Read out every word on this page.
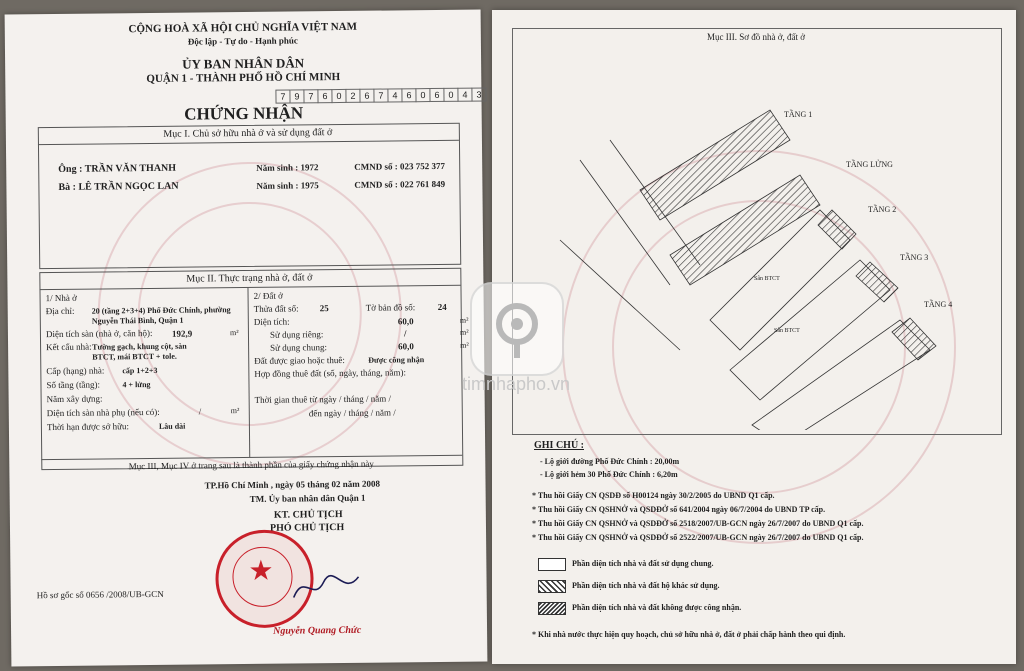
CỘNG HOÀ XÃ HỘI CHỦ NGHĨA VIỆT NAM
Độc lập - Tự do - Hạnh phúc
ỦY BAN NHÂN DÂN
QUẬN 1 - THÀNH PHỐ HỒ CHÍ MINH
7 9 7 6 0 2 6 7 4 6 0 6 0 4 3
CHỨNG NHẬN
Mục I. Chủ sở hữu nhà ở và sử dụng đất ở
Ông : TRẦN VĂN THANH	Năm sinh : 1972	CMND số : 023 752 377
Bà : LÊ TRẦN NGỌC LAN	Năm sinh : 1975	CMND số : 022 761 849
Mục II. Thực trạng nhà ở, đất ở
1/ Nhà ở
Địa chỉ: 20 (tầng 2+3+4) Phố Đức Chính, phường
Nguyễn Thái Bình, Quận 1
Diện tích sàn (nhà ở, căn hộ): 192,9	m²
Kết cấu nhà: Tường gạch, khung cột, sàn
BTCT, mái BTCT + tole.
Cấp (hạng) nhà: cấp 1+2+3
Số tầng (tầng):	4 + lửng
Năm xây dựng:
Diện tích sàn nhà phụ (nếu có):	/	m²
Thời hạn được sở hữu:	Lâu dài
2/ Đất ở
Thửa đất số: 25	Tờ bản đồ số: 24
Diện tích:	60,0	m²
Sử dụng riêng:	/	m²
Sử dụng chung:	60,0	m²
Đất được giao hoặc thuê:	Được công nhận
Hợp đồng thuê đất (số, ngày, tháng, năm):
Thời gian thuê từ ngày / tháng / năm /
đến ngày / tháng / năm /
Mục III, Mục IV ở trang sau là thành phần của giấy chứng nhận này
TP.Hồ Chí Minh , ngày 05 tháng 02 năm 2008
TM. Ủy ban nhân dân Quận 1
KT. CHỦ TỊCH
PHÓ CHỦ TỊCH
★
Nguyễn Quang Chức
Hồ sơ gốc số 0656 /2008/UB-GCN
Mục III. Sơ đồ nhà ở, đất ở
TẦNG 1
TẦNG LỬNG
TẦNG 2
TẦNG 3
TẦNG 4
Sân BTCT
Sân BTCT
timnhapho.vn
GHI CHÚ :
- Lộ giới đường Phố Đức Chính : 20,00m
- Lộ giới hẻm 30 Phố Đức Chính : 6,20m
* Thu hồi Giấy CN QSDĐ số H00124 ngày 30/2/2005 do UBND Q1 cấp.
* Thu hồi Giấy CN QSHNỞ và QSDĐỞ số 641/2004 ngày 06/7/2004 do UBND TP cấp.
* Thu hồi Giấy CN QSHNỞ và QSDĐỞ số 2518/2007/UB-GCN ngày 26/7/2007 do UBND Q1 cấp.
* Thu hồi Giấy CN QSHNỞ và QSDĐỞ số 2522/2007/UB-GCN ngày 26/7/2007 do UBND Q1 cấp.
Phần diện tích nhà và đất sử dụng chung.
Phần diện tích nhà và đất hộ khác sử dụng.
Phần diện tích nhà và đất không được công nhận.
* Khi nhà nước thực hiện quy hoạch, chủ sở hữu nhà ở, đất ở phải chấp hành theo qui định.
